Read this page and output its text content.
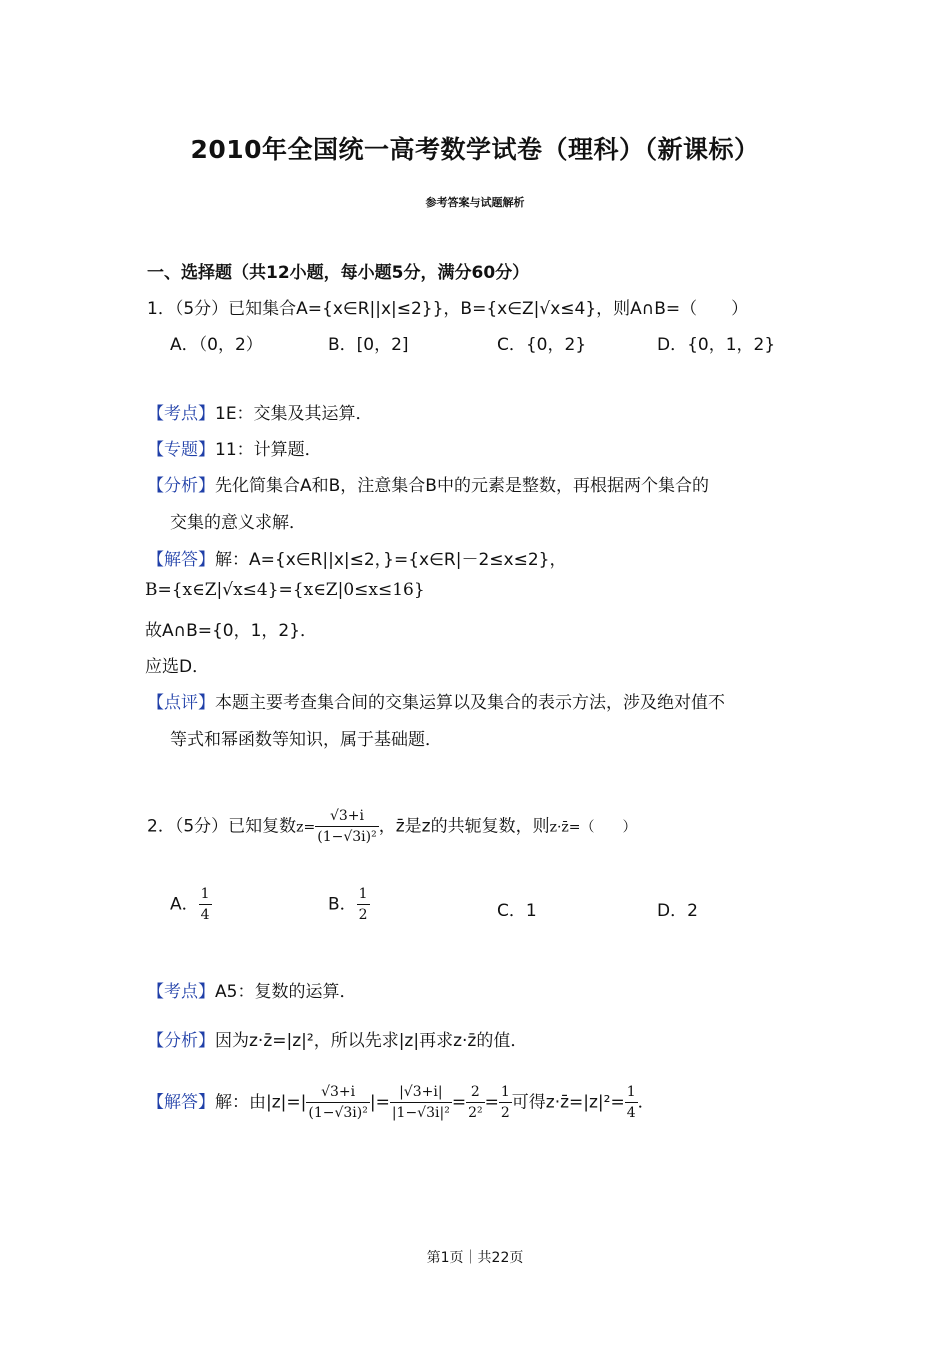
2010年全国统一高考数学试卷（理科）（新课标）
参考答案与试题解析
一、选择题（共12小题，每小题5分，满分60分）
1．（5分）已知集合A={x∈R||x|≤2}}，B={x∈Z|√x≤4}，则A∩B=（　　）
A．（0，2）	B．[0，2]	C．{0，2}	D．{0，1，2}
【考点】1E：交集及其运算．
【专题】11：计算题．
【分析】先化简集合A和B，注意集合B中的元素是整数，再根据两个集合的
交集的意义求解．
【解答】解：A={x∈R||x|≤2，}={x∈R|－2≤x≤2}，
B={x∈Z|√x≤4}={x∈Z|0≤x≤16}
故A∩B={0，1，2}．
应选D．
【点评】本题主要考查集合间的交集运算以及集合的表示方法，涉及绝对值不
等式和幂函数等知识，属于基础题．
2．（5分）已知复数$z= \frac{√3+i}{\text{(1−√3i)²}}$ ，z̄是z的共轭复数，则z·z̄=（　　）
A． $\frac{1}{4}$	B． $\frac{1}{2}$	C．1	D．2
【考点】A5：复数的运算．
【分析】因为z·z̄=|z|²，所以先求|z|再求z·z̄的值．
【解答】解：由$|z|=| \frac{√3+i}{\text{(1−√3i)²}}$ |= $\frac{|√3+i|}{\text{|1−√3i|²}} = \frac{2}{\text{2²}} = \frac{1}{2}$ 可得z·z̄=|z|²= $\frac{1}{4}$ ．
第1页｜共22页
